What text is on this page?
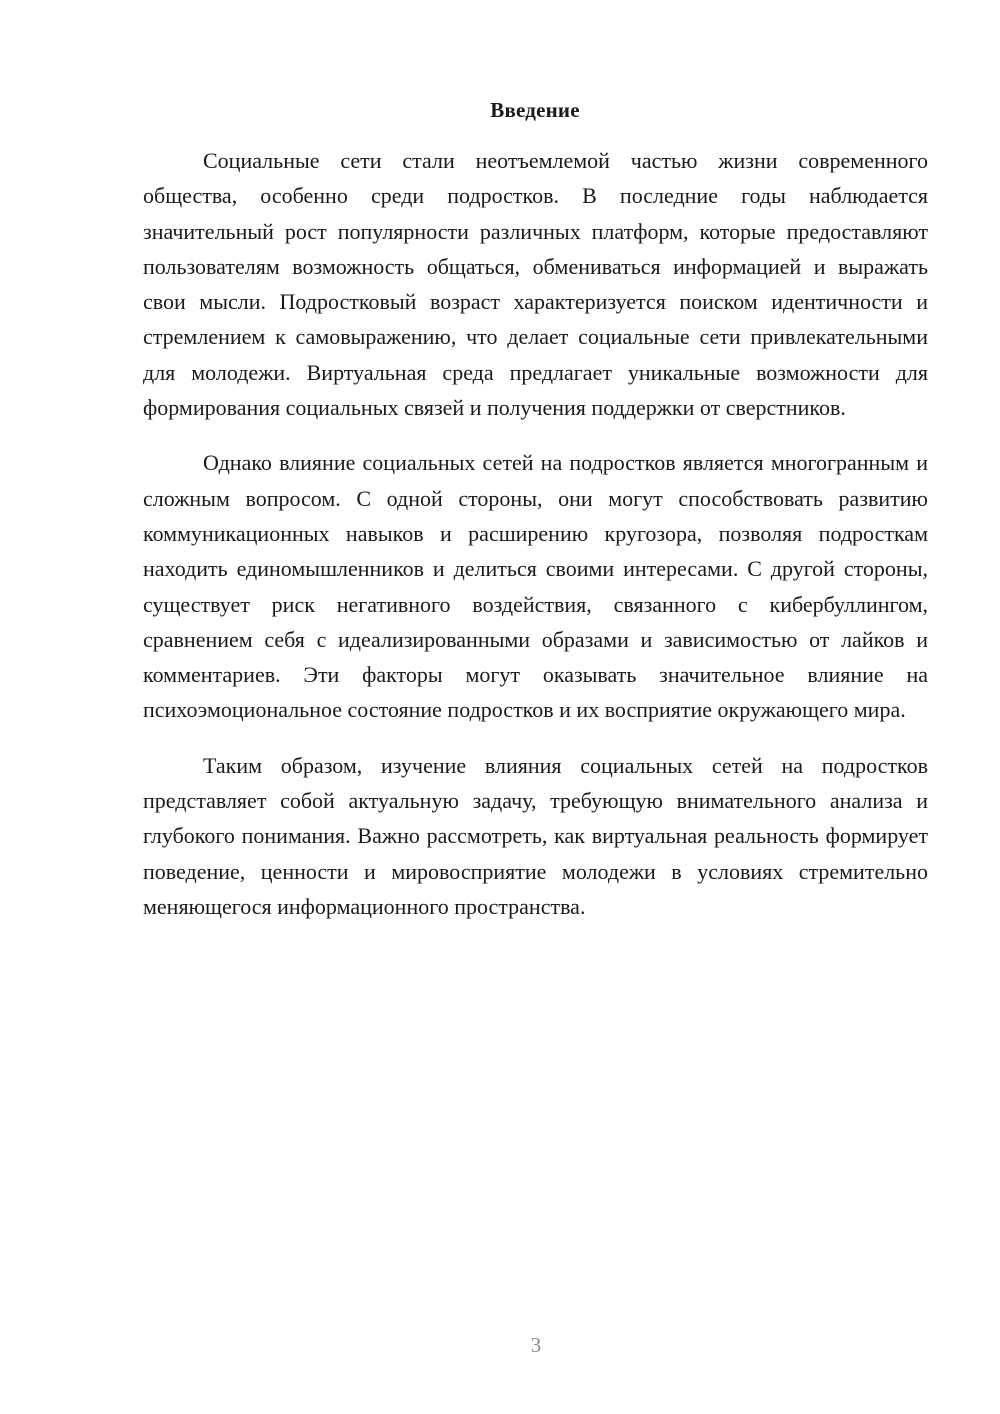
Введение

Социальные сети стали неотъемлемой частью жизни современного общества, особенно среди подростков. В последние годы наблюдается значительный рост популярности различных платформ, которые предоставляют пользователям возможность общаться, обмениваться информацией и выражать свои мысли. Подростковый возраст характеризуется поиском идентичности и стремлением к самовыражению, что делает социальные сети привлекательными для молодежи. Виртуальная среда предлагает уникальные возможности для формирования социальных связей и получения поддержки от сверстников.

Однако влияние социальных сетей на подростков является многогранным и сложным вопросом. С одной стороны, они могут способствовать развитию коммуникационных навыков и расширению кругозора, позволяя подросткам находить единомышленников и делиться своими интересами. С другой стороны, существует риск негативного воздействия, связанного с кибербуллингом, сравнением себя с идеализированными образами и зависимостью от лайков и комментариев. Эти факторы могут оказывать значительное влияние на психоэмоциональное состояние подростков и их восприятие окружающего мира.

Таким образом, изучение влияния социальных сетей на подростков представляет собой актуальную задачу, требующую внимательного анализа и глубокого понимания. Важно рассмотреть, как виртуальная реальность формирует поведение, ценности и мировосприятие молодежи в условиях стремительно меняющегося информационного пространства.

3
